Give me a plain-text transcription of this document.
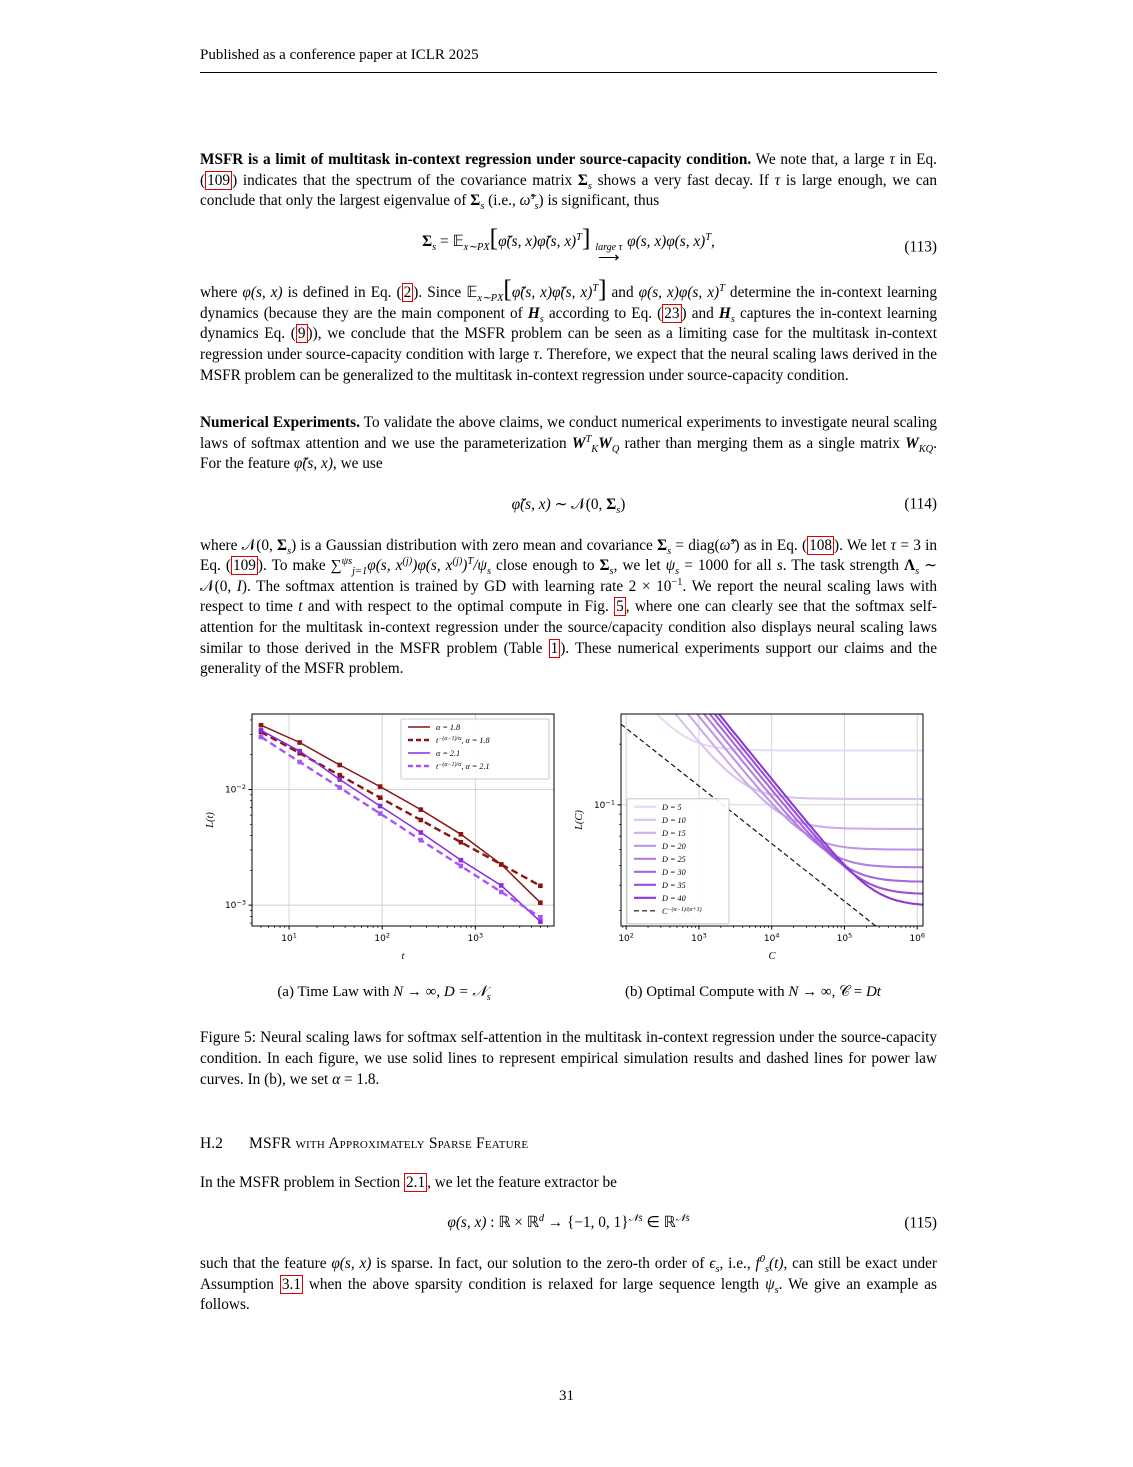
Published as a conference paper at ICLR 2025

MSFR is a limit of multitask in-context regression under source-capacity condition. We note that, a large τ in Eq. ( 109 ) indicates that the spectrum of the covariance matrix $\Sigma_s$ shows a very fast decay. If τ is large enough, we can conclude that only the largest eigenvalue of $\Sigma_s$ (i.e., ω̃$^s_s$) is significant, thus

$\Sigma_s$ = 𝔼$_{x\sim PX}$[φ̃(s, x)φ̃(s, x)$^T$] large τ
⟶
φ(s, x)φ(s, x)$^T$,	(113)

where φ(s, x) is defined in Eq. ( 2 ). Since 𝔼$_{x\sim PX}$[φ̃(s, x)φ̃(s, x)$^T$] and φ(s, x)φ(s, x)$^T$ determine the in-context learning dynamics (because they are the main component of $H_s$ according to Eq. ( 23 ) and $H_s$ captures the in-context learning dynamics Eq. ( 9 )), we conclude that the MSFR problem can be seen as a limiting case for the multitask in-context regression under source-capacity condition with large τ. Therefore, we expect that the neural scaling laws derived in the MSFR problem can be generalized to the multitask in-context regression under source-capacity condition.

Numerical Experiments. To validate the above claims, we conduct numerical experiments to investigate neural scaling laws of softmax attention and we use the parameterization $W^T_KW_Q$ rather than merging them as a single matrix $W_{KQ}$. For the feature φ̃(s, x), we use

φ̃(s, x) ∼ 𝒩(0, $\Sigma_s$)	(114)

where 𝒩(0, $\Sigma_s$) is a Gaussian distribution with zero mean and covariance $\Sigma_s$ = diag(ω̃$^s$) as in Eq. ( 108 ). We let τ = 3 in Eq. ( 109 ). To make ∑$^{\psi s}_{j=1}$φ(s, $x^{(j)})\varphi(s$, $x^{(j)})^T/\psi_s$ close enough to $\Sigma_s$, we let $\psi_s = 1000$ for all s. The task strength $\Lambda_s$ ∼ 𝒩(0, I). The softmax attention is trained by GD with learning rate $2 \times 10^{-1}$. We report the neural scaling laws with respect to time t and with respect to the optimal compute in Fig. 5 , where one can clearly see that the softmax self-attention for the multitask in-context regression under the source/capacity condition also displays neural scaling laws similar to those derived in the MSFR problem (Table 1 ). These numerical experiments support our claims and the generality of the MSFR problem.

$10^1$	$10^2$	$10^3$
$10^{-2}$
$10^{-3}$
t
L(t)
α = 1.8
$t^{-(\alpha-1)/\alpha}$, α = 1.8
α = 2.1
$t^{-(\alpha-1)/\alpha}$, α = 2.1
(a) Time Law with N → ∞, D = 𝒩$_s$
$10^2$	$10^3$	$10^4$	$10^5$	$10^6$
$10^{-1}$
C
L(C)
D = 5
D = 10
D = 15
D = 20
D = 25
D = 30
D = 35
D = 40
$C^{-(\alpha-1)/(\alpha+1)}$
(b) Optimal Compute with N → ∞, 𝒞 = Dt

Figure 5: Neural scaling laws for softmax self-attention in the multitask in-context regression under the source-capacity condition. In each figure, we use solid lines to represent empirical simulation results and dashed lines for power law curves. In (b), we set α = 1.8.

H.2 MSFR with Approximately Sparse Feature

In the MSFR problem in Section 2.1 , we let the feature extractor be

φ(s, x) : ℝ × ℝ$^d$ → {−1, 0, 1}$^{𝒩s}$ ∈ ℝ$^{𝒩s}$	(115)

such that the feature φ(s, x) is sparse. In fact, our solution to the zero-th order of $\epsilon_s$, i.e., $f^0_s(t)$, can still be exact under Assumption 3.1 when the above sparsity condition is relaxed for large sequence length $\psi_s$. We give an example as follows.

31
